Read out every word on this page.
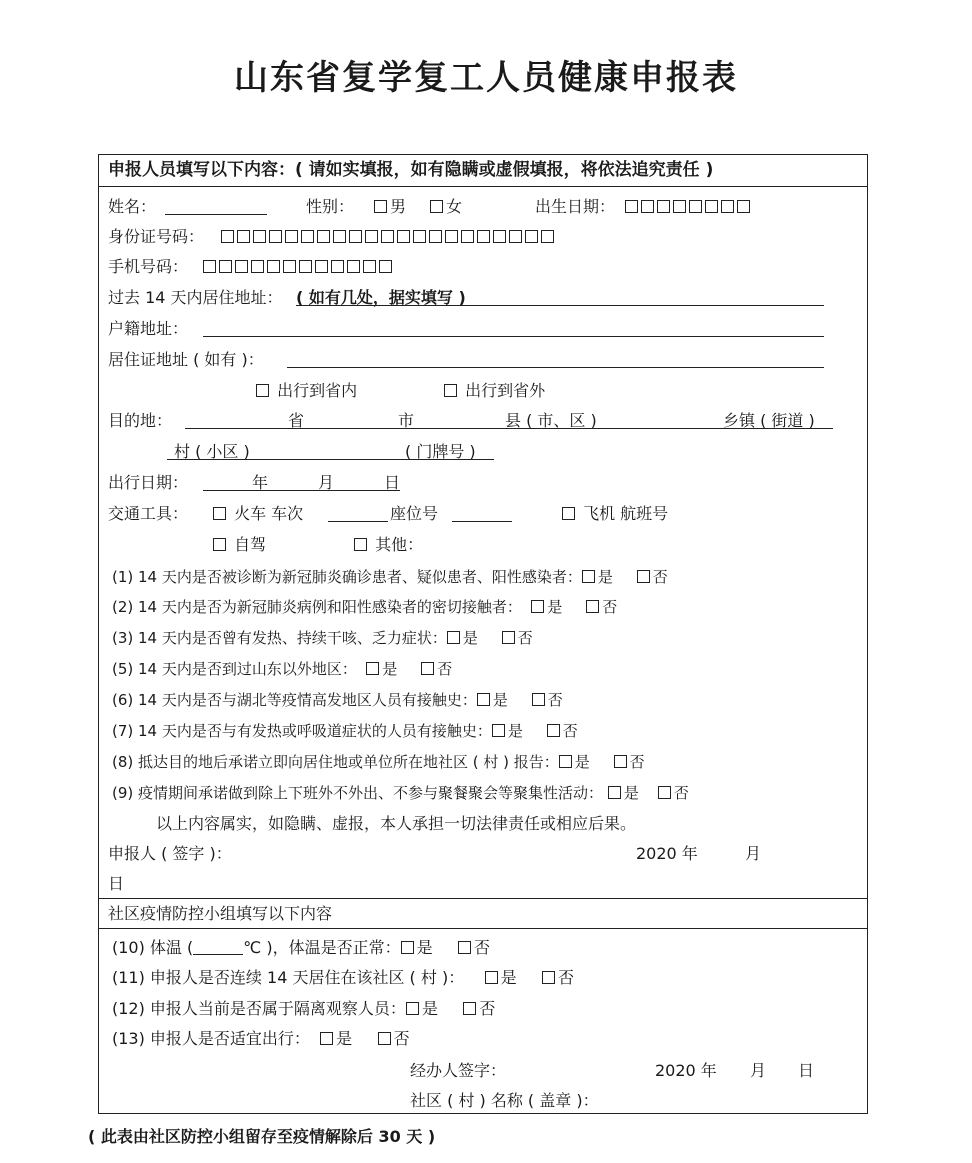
山东省复学复工人员健康申报表
申报人员填写以下内容：( 请如实填报，如有隐瞒或虚假填报，将依法追究责任 )
姓名：	性别：	男	女	出生日期：
身份证号码：
手机号码：
过去 14 天内居住地址： ( 如有几处，据实填写 )
户籍地址：
居住证地址 ( 如有 )：
出行到省内	出行到省外
目的地：	省	市	县 ( 市、区 )	乡镇 ( 街道 )
村 ( 小区 )	( 门牌号 )
出行日期：	年	月	日
交通工具：	火车 车次	座位号	飞机 航班号
自驾	其他：
(1) 14 天内是否被诊断为新冠肺炎确诊患者、疑似患者、阳性感染者： 是	否
(2) 14 天内是否为新冠肺炎病例和阳性感染者的密切接触者： 是	否
(3) 14 天内是否曾有发热、持续干咳、乏力症状： 是	否
(5) 14 天内是否到过山东以外地区： 是	否
(6) 14 天内是否与湖北等疫情高发地区人员有接触史： 是	否
(7) 14 天内是否与有发热或呼吸道症状的人员有接触史： 是	否
(8) 抵达目的地后承诺立即向居住地或单位所在地社区 ( 村 ) 报告： 是	否
(9) 疫情期间承诺做到除上下班外不外出、不参与聚餐聚会等聚集性活动： 是 否
以上内容属实，如隐瞒、虚报，本人承担一切法律责任或相应后果。
申报人 ( 签字 )：	2020 年	月
日
社区疫情防控小组填写以下内容
(10) 体温 (	℃ )，体温是否正常： 是	否
(11) 申报人是否连续 14 天居住在该社区 ( 村 )： 是	否
(12) 申报人当前是否属于隔离观察人员： 是	否
(13) 申报人是否适宜出行： 是	否
经办人签字：	2020 年 月 日
社区 ( 村 ) 名称 ( 盖章 )：
( 此表由社区防控小组留存至疫情解除后 30 天 )
